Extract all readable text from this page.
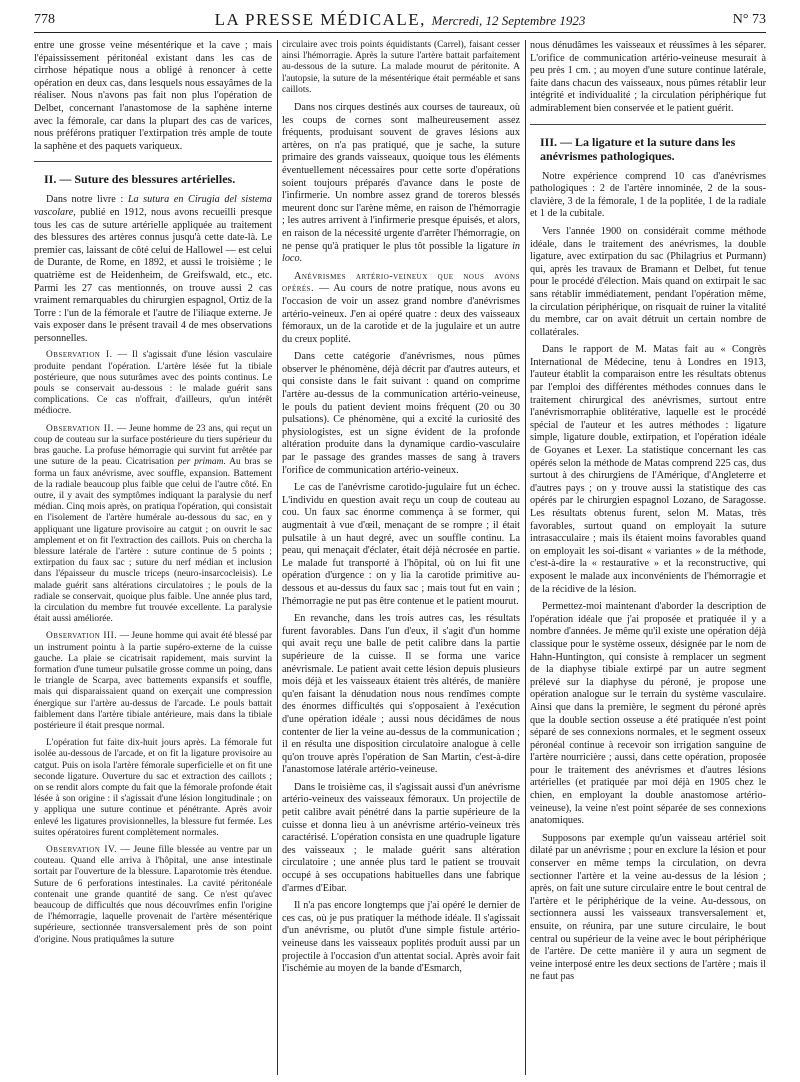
778	LA PRESSE MÉDICALE, Mercredi, 12 Septembre 1923	N° 73

entre une grosse veine mésentérique et la cave ; mais l'épaississement péritonéal existant dans les cas de cirrhose hépatique nous a obligé à renoncer à cette opération en deux cas, dans lesquels nous essayâmes de la réaliser. Nous n'avons pas fait non plus l'opération de Delbet, concernant l'anastomose de la saphène interne avec la fémorale, car dans la plupart des cas de varices, nous préférons pratiquer l'extirpation très ample de toute la saphène et des paquets variqueux.

II. — Suture des blessures artérielles.

Dans notre livre : La sutura en Cirugia del sistema vascolare, publié en 1912, nous avons recueilli presque tous les cas de suture artérielle appliquée au traitement des blessures des artères connus jusqu'à cette date-là. Le premier cas, laissant de côté celui de Hallowel — est celui de Durante, de Rome, en 1892, et aussi le troisième ; le quatrième est de Heidenheim, de Greifswald, etc., etc. Parmi les 27 cas mentionnés, on trouve aussi 2 cas vraiment remarquables du chirurgien espagnol, Ortiz de la Torre : l'un de la fémorale et l'autre de l'iliaque externe. Je vais exposer dans le présent travail 4 de mes observations personnelles.

Observation I. — Il s'agissait d'une lésion vasculaire produite pendant l'opération. L'artère lésée fut la tibiale postérieure, que nous suturâmes avec des points continus. Le pouls se conservait au-dessous : le malade guérit sans complications. Ce cas n'offrait, d'ailleurs, qu'un intérêt médiocre.

Observation II. — Jeune homme de 23 ans, qui reçut un coup de couteau sur la surface postérieure du tiers supérieur du bras gauche. La profuse hémorragie qui survint fut arrêtée par une suture de la peau. Cicatrisation per primam. Au bras se forma un faux anévrisme, avec souffle, expansion. Battement de la radiale beaucoup plus faible que celui de l'autre côté. En outre, il y avait des symptômes indiquant la paralysie du nerf médian. Cinq mois après, on pratiqua l'opération, qui consistait en l'isolement de l'artère humérale au-dessous du sac, en y appliquant une ligature provisoire au catgut ; on ouvrit le sac amplement et on fit l'extraction des caillots. Puis on chercha la blessure latérale de l'artère : suture continue de 5 points ; extirpation du faux sac ; suture du nerf médian et inclusion dans l'épaisseur du muscle triceps (neuro-insarcocleisis). Le malade guérit sans altérations circulatoires ; le pouls de la radiale se conservait, quoique plus faible. Une année plus tard, la circulation du membre fut trouvée excellente. La paralysie était aussi améliorée.

Observation III. — Jeune homme qui avait été blessé par un instrument pointu à la partie supéro-externe de la cuisse gauche. La plaie se cicatrisait rapidement, mais survint la formation d'une tumeur pulsatile grosse comme un poing, dans le triangle de Scarpa, avec battements expansifs et souffle, mais qui disparaissaient quand on exerçait une compression énergique sur l'artère au-dessus de l'arcade. Le pouls battait faiblement dans l'artère tibiale antérieure, mais dans la tibiale postérieure il était presque normal.

L'opération fut faite dix-huit jours après. La fémorale fut isolée au-dessous de l'arcade, et on fit la ligature provisoire au catgut. Puis on isola l'artère fémorale superficielle et on fit une seconde ligature. Ouverture du sac et extraction des caillots ; on se rendit alors compte du fait que la fémorale profonde était lésée à son origine : il s'agissait d'une lésion longitudinale ; on y appliqua une suture continue et pénétrante. Après avoir enlevé les ligatures provisionnelles, la blessure fut fermée. Les suites opératoires furent complètement normales.

Observation IV. — Jeune fille blessée au ventre par un couteau. Quand elle arriva à l'hôpital, une anse intestinale sortait par l'ouverture de la blessure. Laparotomie très étendue. Suture de 6 perforations intestinales. La cavité péritonéale contenait une grande quantité de sang. Ce n'est qu'avec beaucoup de difficultés que nous découvrîmes enfin l'origine de l'hémorragie, laquelle provenait de l'artère mésentérique supérieure, sectionnée transversalement près de son point d'origine. Nous pratiquâmes la suture

circulaire avec trois points équidistants (Carrel), faisant cesser ainsi l'hémorragie. Après la suture l'artère battait parfaitement au-dessous de la suture. La malade mourut de péritonite. A l'autopsie, la suture de la mésentérique était perméable et sans caillots.

Dans nos cirques destinés aux courses de taureaux, où les coups de cornes sont malheureusement assez fréquents, produisant souvent de graves lésions aux artères, on n'a pas pratiqué, que je sache, la suture primaire des grands vaisseaux, quoique tous les éléments éventuellement nécessaires pour cette sorte d'opérations soient toujours préparés d'avance dans le poste de l'infirmerie. Un nombre assez grand de toreros blessés meurent donc sur l'arène même, en raison de l'hémorragie ; les autres arrivent à l'infirmerie presque épuisés, et alors, en raison de la nécessité urgente d'arrêter l'hémorragie, on ne pense qu'à pratiquer le plus tôt possible la ligature in loco.

Anévrismes artério-veineux que nous avons opérés. — Au cours de notre pratique, nous avons eu l'occasion de voir un assez grand nombre d'anévrismes artério-veineux. J'en ai opéré quatre : deux des vaisseaux fémoraux, un de la carotide et de la jugulaire et un autre du creux poplité.

Dans cette catégorie d'anévrismes, nous pûmes observer le phénomène, déjà décrit par d'autres auteurs, et qui consiste dans le fait suivant : quand on comprime l'artère au-dessus de la communication artério-veineuse, le pouls du patient devient moins fréquent (20 ou 30 pulsations). Ce phénomène, qui a excité la curiosité des physiologistes, est un signe évident de la profonde altération produite dans la dynamique cardio-vasculaire par le passage des grandes masses de sang à travers l'orifice de communication artério-veineux.

Le cas de l'anévrisme carotido-jugulaire fut un échec. L'individu en question avait reçu un coup de couteau au cou. Un faux sac énorme commença à se former, qui augmentait à vue d'œil, menaçant de se rompre ; il était pulsatile à un haut degré, avec un souffle continu. La peau, qui menaçait d'éclater, était déjà nécrosée en partie. Le malade fut transporté à l'hôpital, où on lui fit une opération d'urgence : on y lia la carotide primitive au-dessous et au-dessus du faux sac ; mais tout fut en vain ; l'hémorragie ne put pas être contenue et le patient mourut.

En revanche, dans les trois autres cas, les résultats furent favorables. Dans l'un d'eux, il s'agit d'un homme qui avait reçu une balle de petit calibre dans la partie supérieure de la cuisse. Il se forma une varice anévrismale. Le patient avait cette lésion depuis plusieurs mois déjà et les vaisseaux étaient très altérés, de manière qu'en faisant la dénudation nous nous rendîmes compte des énormes difficultés qui s'opposaient à l'exécution d'une opération idéale ; aussi nous décidâmes de nous contenter de lier la veine au-dessus de la communication ; il en résulta une disposition circulatoire analogue à celle qu'on trouve après l'opération de San Martin, c'est-à-dire l'anastomose latérale artério-veineuse.

Dans le troisième cas, il s'agissait aussi d'un anévrisme artério-veineux des vaisseaux fémoraux. Un projectile de petit calibre avait pénétré dans la partie supérieure de la cuisse et donna lieu à un anévrisme artério-veineux très caractérisé. L'opération consista en une quadruple ligature des vaisseaux ; le malade guérit sans altération circulatoire ; une année plus tard le patient se trouvait occupé à ses occupations habituelles dans une fabrique d'armes d'Eibar.

Il n'a pas encore longtemps que j'ai opéré le dernier de ces cas, où je pus pratiquer la méthode idéale. Il s'agissait d'un anévrisme, ou plutôt d'une simple fistule artério-veineuse dans les vaisseaux poplités produit aussi par un projectile à l'occasion d'un attentat social. Après avoir fait l'ischémie au moyen de la bande d'Esmarch,

nous dénudâmes les vaisseaux et réussîmes à les séparer. L'orifice de communication artério-veineuse mesurait à peu près 1 cm. ; au moyen d'une suture continue latérale, faite dans chacun des vaisseaux, nous pûmes rétablir leur intégrité et individualité ; la circulation périphérique fut admirablement bien conservée et le patient guérit.

III. — La ligature et la suture dans les anévrismes pathologiques.

Notre expérience comprend 10 cas d'anévrismes pathologiques : 2 de l'artère innominée, 2 de la sous-clavière, 3 de la fémorale, 1 de la poplitée, 1 de la radiale et 1 de la cubitale.

Vers l'année 1900 on considérait comme méthode idéale, dans le traitement des anévrismes, la double ligature, avec extirpation du sac (Philagrius et Purmann) qui, après les travaux de Bramann et Delbet, fut tenue pour le procédé d'élection. Mais quand on extirpait le sac sans rétablir immédiatement, pendant l'opération même, la circulation périphérique, on risquait de ruiner la vitalité du membre, car on avait détruit un certain nombre de collatérales.

Dans le rapport de M. Matas fait au « Congrès International de Médecine, tenu à Londres en 1913, l'auteur établit la comparaison entre les résultats obtenus par l'emploi des différentes méthodes connues dans le traitement chirurgical des anévrismes, surtout entre l'anévrismorraphie oblitérative, laquelle est le procédé spécial de l'auteur et les autres méthodes : ligature simple, ligature double, extirpation, et l'opération idéale de Goyanes et Lexer. La statistique concernant les cas opérés selon la méthode de Matas comprend 225 cas, dus surtout à des chirurgiens de l'Amérique, d'Angleterre et d'autres pays ; on y trouve aussi la statistique des cas opérés par le chirurgien espagnol Lozano, de Saragosse. Les résultats obtenus furent, selon M. Matas, très favorables, surtout quand on employait la suture intrasacculaire ; mais ils étaient moins favorables quand on employait les soi-disant « variantes » de la méthode, c'est-à-dire la « restaurative » et la reconstructive, qui exposent le malade aux inconvénients de l'hémorragie et de la récidive de la lésion.

Permettez-moi maintenant d'aborder la description de l'opération idéale que j'ai proposée et pratiquée il y a nombre d'années. Je même qu'il existe une opération déjà classique pour le système osseux, désignée par le nom de Hahn-Huntington, qui consiste à remplacer un segment de la diaphyse tibiale extirpé par un autre segment prélevé sur la diaphyse du péroné, je propose une opération analogue sur le terrain du système vasculaire. Ainsi que dans la première, le segment du péroné après que la double section osseuse a été pratiquée n'est point séparé de ses connexions normales, et le segment osseux péronéal continue à recevoir son irrigation sanguine de l'artère nourricière ; aussi, dans cette opération, proposée pour le traitement des anévrismes et d'autres lésions artérielles (et pratiquée par moi déjà en 1905 chez le chien, en employant la double anastomose artério-veineuse), la veine n'est point séparée de ses connexions anatomiques.

Supposons par exemple qu'un vaisseau artériel soit dilaté par un anévrisme ; pour en exclure la lésion et pour conserver en même temps la circulation, on devra sectionner l'artère et la veine au-dessus de la lésion ; après, on fait une suture circulaire entre le bout central de l'artère et le périphérique de la veine. Au-dessous, on sectionnera aussi les vaisseaux transversalement et, ensuite, on réunira, par une suture circulaire, le bout central ou supérieur de la veine avec le bout périphérique de l'artère. De cette manière il y aura un segment de veine interposé entre les deux sections de l'artère ; mais il ne faut pas
